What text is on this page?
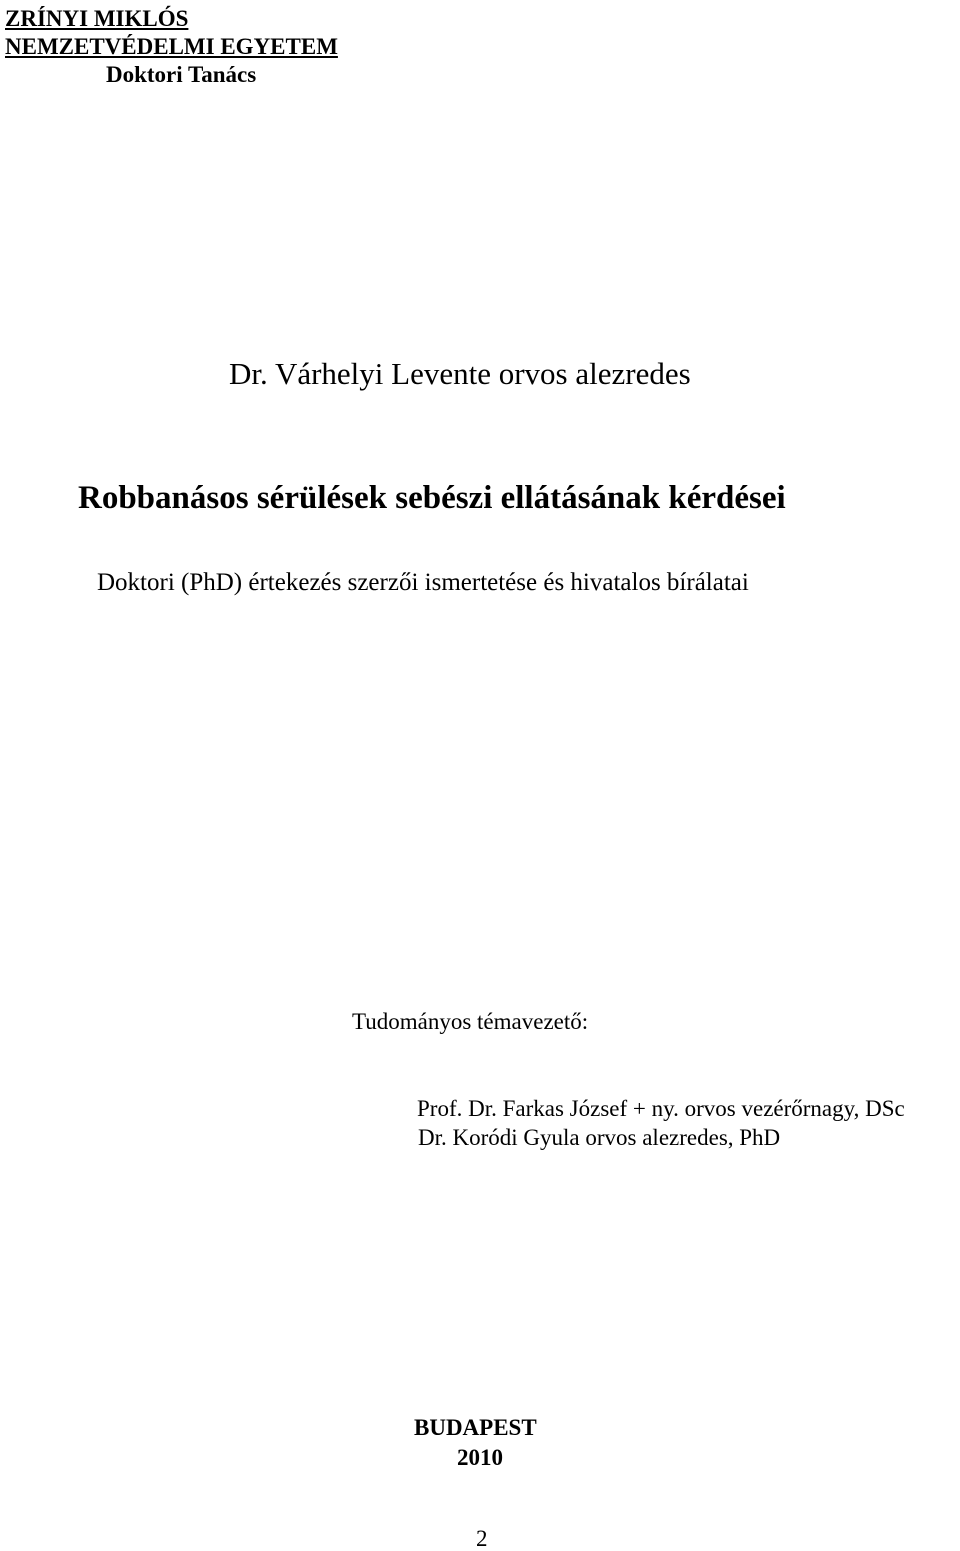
ZRÍNYI MIKLÓS
NEMZETVÉDELMI EGYETEM
Doktori Tanács
Dr. Várhelyi Levente orvos alezredes
Robbanásos sérülések sebészi ellátásának kérdései
Doktori (PhD) értekezés szerzői ismertetése és hivatalos bírálatai
Tudományos témavezető:
Prof. Dr. Farkas József + ny. orvos vezérőrnagy, DSc
Dr. Koródi Gyula orvos alezredes, PhD
BUDAPEST
2010
2
